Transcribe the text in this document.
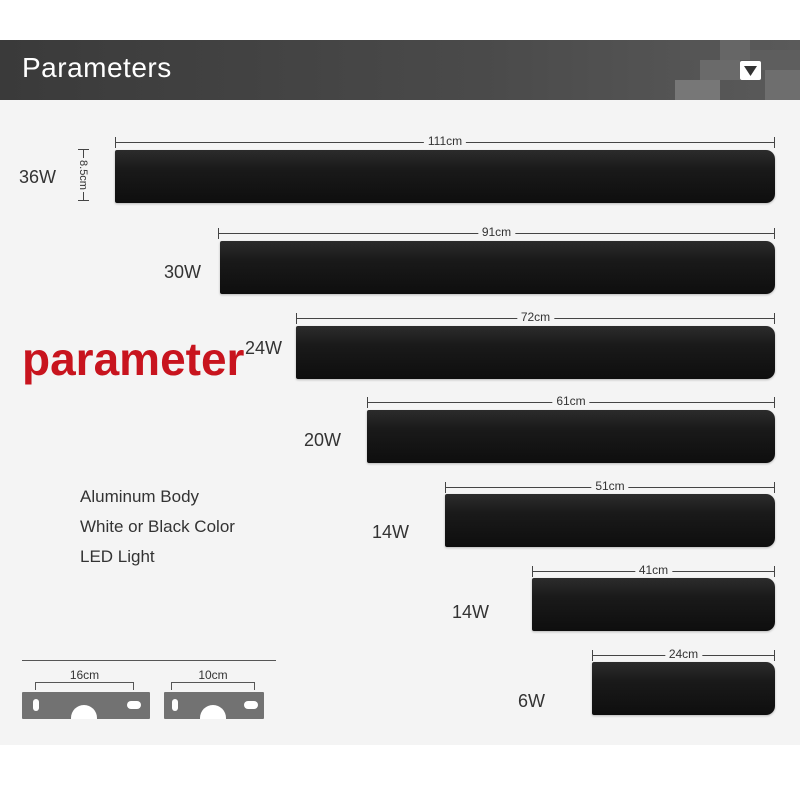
Parameters
8.5cm
111cm
36W
91cm
30W
72cm
24W
61cm
20W
51cm
14W
41cm
14W
24cm
6W
parameter
Aluminum Body
White or Black Color
LED Light
16cm	10cm
